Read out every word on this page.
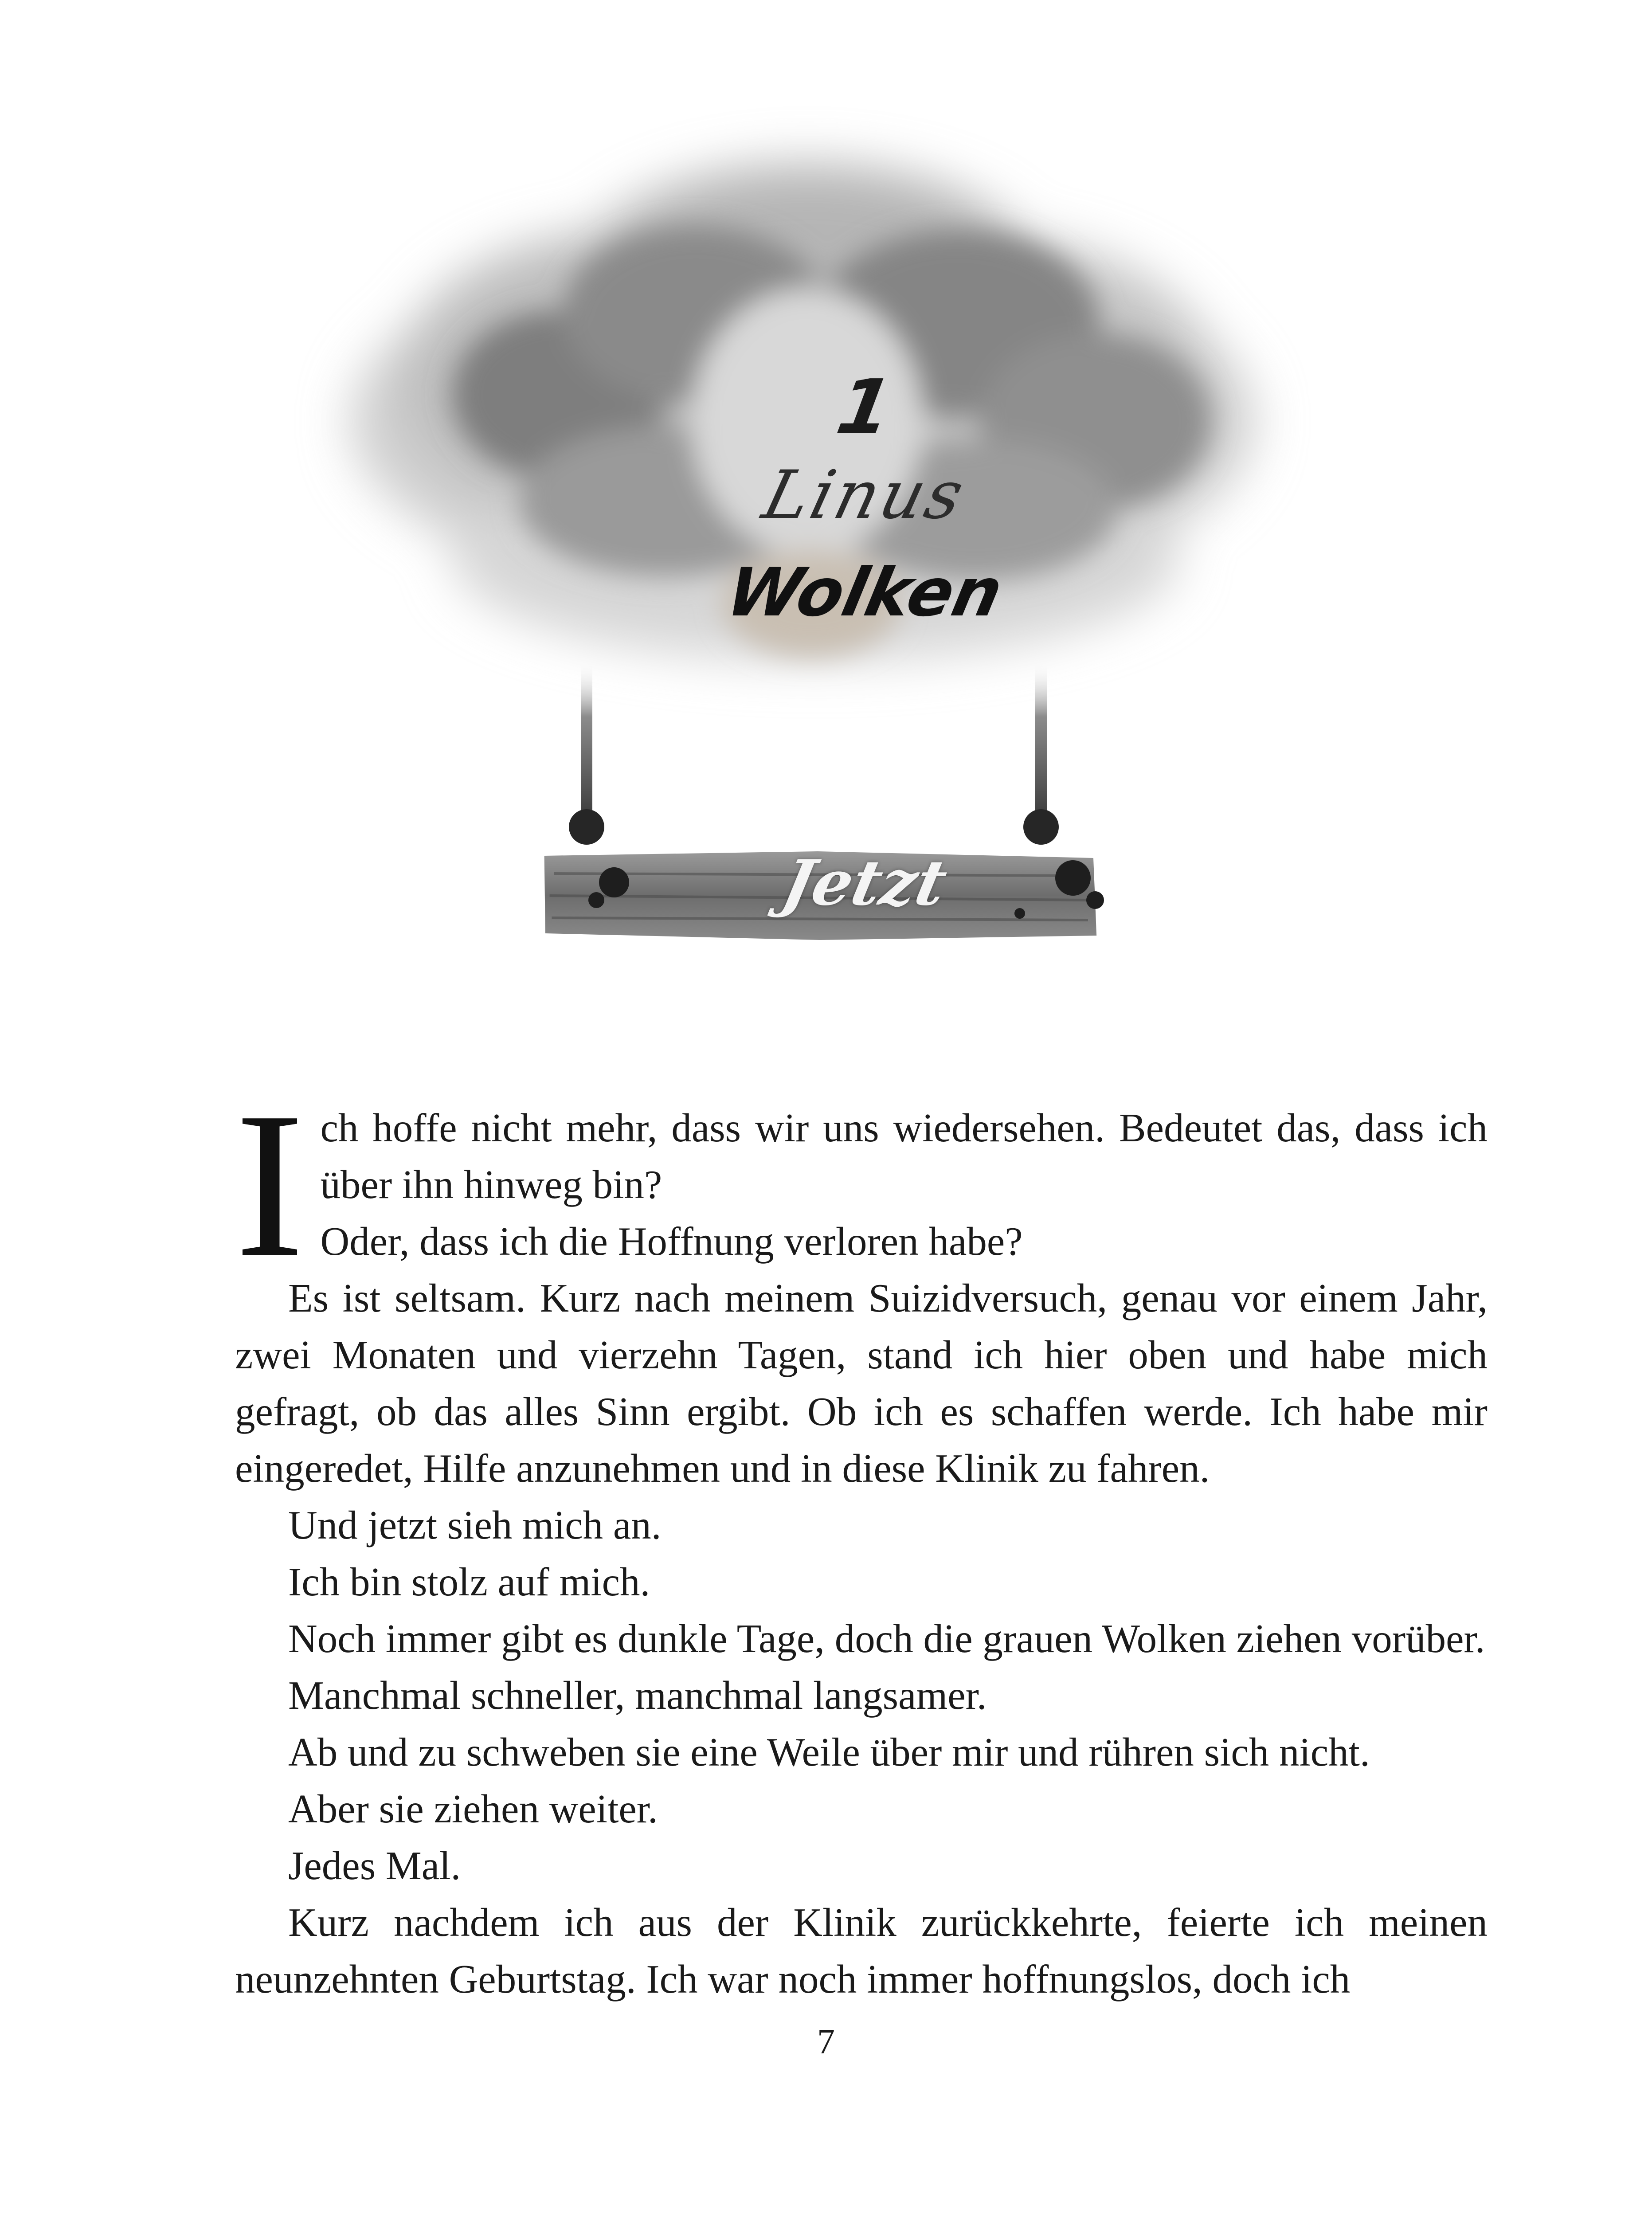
1
Linus
Wolken
Jetzt

Ich hoffe nicht mehr, dass wir uns wiedersehen. Bedeutet das, dass ich über ihn hinweg bin?

Oder, dass ich die Hoffnung verloren habe?

Es ist seltsam. Kurz nach meinem Suizidversuch, genau vor einem Jahr, zwei Monaten und vierzehn Tagen, stand ich hier oben und habe mich gefragt, ob das alles Sinn ergibt. Ob ich es schaffen werde. Ich habe mir eingeredet, Hilfe anzunehmen und in diese Klinik zu fahren.

Und jetzt sieh mich an.

Ich bin stolz auf mich.

Noch immer gibt es dunkle Tage, doch die grauen Wolken ziehen vorüber.

Manchmal schneller, manchmal langsamer.

Ab und zu schweben sie eine Weile über mir und rühren sich nicht.

Aber sie ziehen weiter.

Jedes Mal.

Kurz nachdem ich aus der Klinik zurückkehrte, feierte ich meinen neunzehnten Geburtstag. Ich war noch immer hoffnungslos, doch ich

7
